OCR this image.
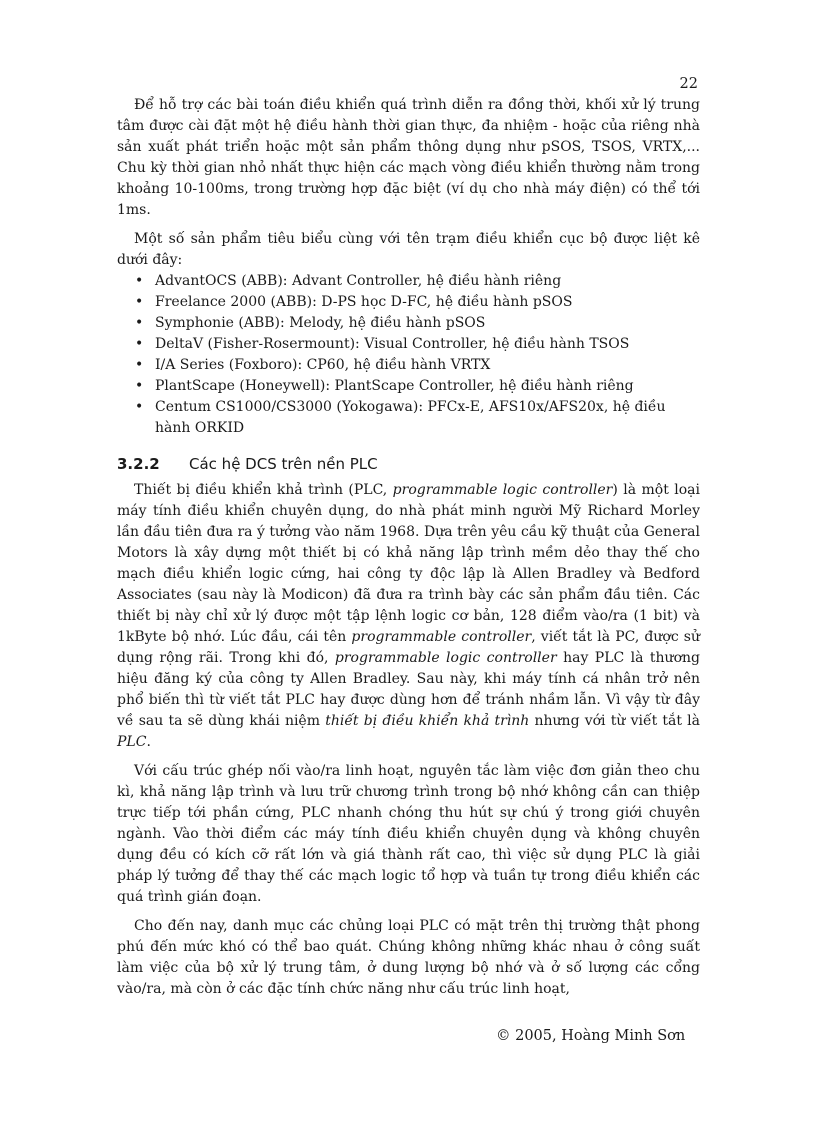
22

Để hỗ trợ các bài toán điều khiển quá trình diễn ra đồng thời, khối xử lý trung tâm được cài đặt một hệ điều hành thời gian thực, đa nhiệm - hoặc của riêng nhà sản xuất phát triển hoặc một sản phẩm thông dụng như pSOS, TSOS, VRTX,... Chu kỳ thời gian nhỏ nhất thực hiện các mạch vòng điều khiển thường nằm trong khoảng 10-100ms, trong trường hợp đặc biệt (ví dụ cho nhà máy điện) có thể tới 1ms.

Một số sản phẩm tiêu biểu cùng với tên trạm điều khiển cục bộ được liệt kê dưới đây:

• AdvantOCS (ABB): Advant Controller, hệ điều hành riêng
• Freelance 2000 (ABB): D-PS học D-FC, hệ điều hành pSOS
• Symphonie (ABB): Melody, hệ điều hành pSOS
• DeltaV (Fisher-Rosermount): Visual Controller, hệ điều hành TSOS
• I/A Series (Foxboro): CP60, hệ điều hành VRTX
• PlantScape (Honeywell): PlantScape Controller, hệ điều hành riêng
• Centum CS1000/CS3000 (Yokogawa): PFCx-E, AFS10x/AFS20x, hệ điều hành ORKID
3.2.2 Các hệ DCS trên nền PLC

Thiết bị điều khiển khả trình (PLC, programmable logic controller) là một loại máy tính điều khiển chuyên dụng, do nhà phát minh người Mỹ Richard Morley lần đầu tiên đưa ra ý tưởng vào năm 1968. Dựa trên yêu cầu kỹ thuật của General Motors là xây dựng một thiết bị có khả năng lập trình mềm dẻo thay thế cho mạch điều khiển logic cứng, hai công ty độc lập là Allen Bradley và Bedford Associates (sau này là Modicon) đã đưa ra trình bày các sản phẩm đầu tiên. Các thiết bị này chỉ xử lý được một tập lệnh logic cơ bản, 128 điểm vào/ra (1 bit) và 1kByte bộ nhớ. Lúc đầu, cái tên programmable controller, viết tắt là PC, được sử dụng rộng rãi. Trong khi đó, programmable logic controller hay PLC là thương hiệu đăng ký của công ty Allen Bradley. Sau này, khi máy tính cá nhân trở nên phổ biến thì từ viết tắt PLC hay được dùng hơn để tránh nhầm lẫn. Vì vậy từ đây về sau ta sẽ dùng khái niệm thiết bị điều khiển khả trình nhưng với từ viết tắt là PLC.

Với cấu trúc ghép nối vào/ra linh hoạt, nguyên tắc làm việc đơn giản theo chu kì, khả năng lập trình và lưu trữ chương trình trong bộ nhớ không cần can thiệp trực tiếp tới phần cứng, PLC nhanh chóng thu hút sự chú ý trong giới chuyên ngành. Vào thời điểm các máy tính điều khiển chuyên dụng và không chuyên dụng đều có kích cỡ rất lớn và giá thành rất cao, thì việc sử dụng PLC là giải pháp lý tưởng để thay thế các mạch logic tổ hợp và tuần tự trong điều khiển các quá trình gián đoạn.

Cho đến nay, danh mục các chủng loại PLC có mặt trên thị trường thật phong phú đến mức khó có thể bao quát. Chúng không những khác nhau ở công suất làm việc của bộ xử lý trung tâm, ở dung lượng bộ nhớ và ở số lượng các cổng vào/ra, mà còn ở các đặc tính chức năng như cấu trúc linh hoạt,

© 2005, Hoàng Minh Sơn
